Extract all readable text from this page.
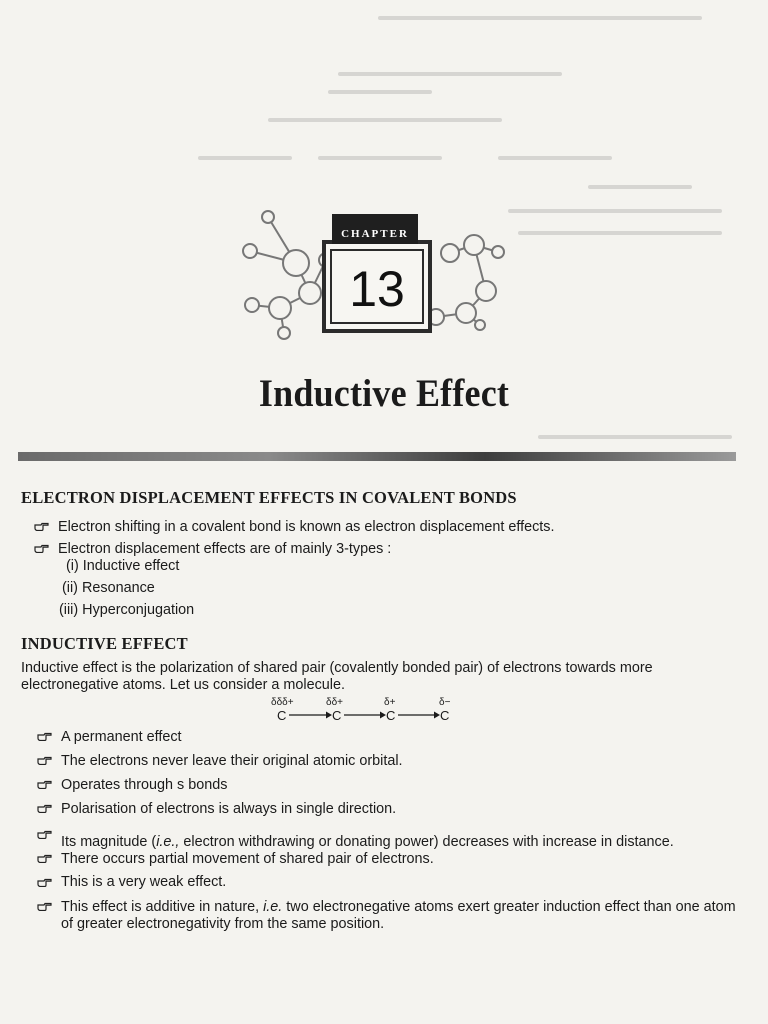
CHAPTER
13
Inductive Effect
ELECTRON DISPLACEMENT EFFECTS IN COVALENT BONDS
Electron shifting in a covalent bond is known as electron displacement effects.
Electron displacement effects are of mainly 3-types :
(i) Inductive effect
(ii) Resonance
(iii) Hyperconjugation
INDUCTIVE EFFECT
Inductive effect is the polarization of shared pair (covalently bonded pair) of electrons towards more
electronegative atoms. Let us consider a molecule.
δδδ+	δδ+	δ+	δ−
C	C	C	C
A permanent effect
The electrons never leave their original atomic orbital.
Operates through s bonds
Polarisation of electrons is always in single direction.
Its magnitude (i.e., electron withdrawing or donating power) decreases with increase in distance.
There occurs partial movement of shared pair of electrons.
This is a very weak effect.
This effect is additive in nature, i.e. two electronegative atoms exert greater induction effect than one atom
of greater electronegativity from the same position.
